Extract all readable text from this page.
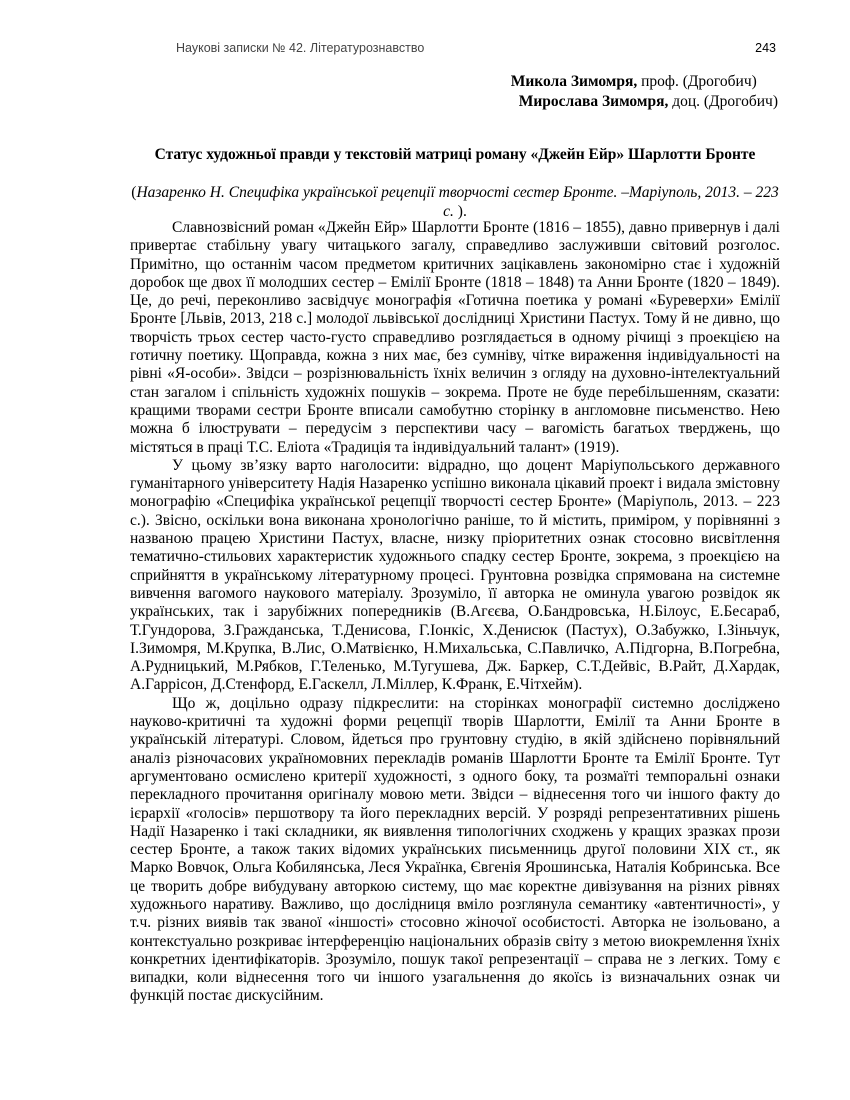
Наукові записки № 42. Літературознавство	243
Микола Зимомря, проф. (Дрогобич)
Мирослава Зимомря, доц. (Дрогобич)
Статус художньої правди у текстовій матриці роману «Джейн Ейр» Шарлотти Бронте
(Назаренко Н. Специфіка української рецепції творчості сестер Бронте. –Маріуполь, 2013. – 223 с. ).

Славнозвісний роман «Джейн Ейр» Шарлотти Бронте (1816 – 1855), давно привернув і далі привертає стабільну увагу читацького загалу, справедливо заслуживши світовий розголос. Примітно, що останнім часом предметом критичних зацікавлень закономірно стає і художній доробок ще двох її молодших сестер – Емілії Бронте (1818 – 1848) та Анни Бронте (1820 – 1849). Це, до речі, переконливо засвідчує монографія «Готична поетика у романі «Буреверхи» Емілії Бронте [Львів, 2013, 218 с.] молодої львівської дослідниці Христини Пастух. Тому й не дивно, що творчість трьох сестер часто-густо справедливо розглядається в одному річищі з проекцією на готичну поетику. Щоправда, кожна з них має, без сумніву, чітке вираження індивідуальності на рівні «Я-особи». Звідси – розрізнювальність їхніх величин з огляду на духовно-інтелектуальний стан загалом і спільність художніх пошуків – зокрема. Проте не буде перебільшенням, сказати: кращими творами сестри Бронте вписали самобутню сторінку в англомовне письменство. Нею можна б ілюструвати – передусім з перспективи часу – вагомість багатьох тверджень, що містяться в праці Т.С. Еліота «Традиція та індивідуальний талант» (1919).

У цьому зв’язку варто наголосити: відрадно, що доцент Маріупольського державного гуманітарного університету Надія Назаренко успішно виконала цікавий проект і видала змістовну монографію «Специфіка української рецепції творчості сестер Бронте» (Маріуполь, 2013. – 223 с.). Звісно, оскільки вона виконана хронологічно раніше, то й містить, приміром, у порівнянні з названою працею Христини Пастух, власне, низку пріоритетних ознак стосовно висвітлення тематично-стильових характеристик художнього спадку сестер Бронте, зокрема, з проекцією на сприйняття в українському літературному процесі. Грунтовна розвідка спрямована на системне вивчення вагомого наукового матеріалу. Зрозуміло, її авторка не оминула увагою розвідок як українських, так і зарубіжних попередників (В.Агєєва, О.Бандровська, Н.Білоус, Е.Бесараб, Т.Гундорова, З.Гражданська, Т.Денисова, Г.Іонкіс, Х.Денисюк (Пастух), О.Забужко, І.Зіньчук, І.Зимомря, М.Крупка, В.Лис, О.Матвієнко, Н.Михальська, С.Павличко, А.Підгорна, В.Погребна, А.Рудницький, М.Рябков, Г.Теленько, М.Тугушева, Дж. Баркер, С.Т.Дейвіс, В.Райт, Д.Хардак, А.Гаррісон, Д.Стенфорд, Е.Гаскелл, Л.Міллер, К.Франк, Е.Чітхейм).

Що ж, доцільно одразу підкреслити: на сторінках монографії системно досліджено науково-критичні та художні форми рецепції творів Шарлотти, Емілії та Анни Бронте в українській літературі. Словом, йдеться про грунтовну студію, в якій здійснено порівняльний аналіз різночасових україномовних перекладів романів Шарлотти Бронте та Емілії Бронте. Тут аргументовано осмислено критерії художності, з одного боку, та розмаїті темпоральні ознаки перекладного прочитання оригіналу мовою мети. Звідси – віднесення того чи іншого факту до ієрархії «голосів» першотвору та його перекладних версій. У розряді репрезентативних рішень Надії Назаренко і такі складники, як виявлення типологічних сходжень у кращих зразках прози сестер Бронте, а також таких відомих українських письменниць другої половини ХІХ ст., як Марко Вовчок, Ольга Кобилянська, Леся Українка, Євгенія Ярошинська, Наталія Кобринська. Все це творить добре вибудувану авторкою систему, що має коректне дивізування на різних рівнях художнього наративу. Важливо, що дослідниця вміло розглянула семантику «автентичності», у т.ч. різних виявів так званої «іншості» стосовно жіночої особистості. Авторка не ізольовано, а контекстуально розкриває інтерференцію національних образів світу з метою виокремлення їхніх конкретних ідентифікаторів. Зрозуміло, пошук такої репрезентації – справа не з легких. Тому є випадки, коли віднесення того чи іншого узагальнення до якоїсь із визначальних ознак чи функцій постає дискусійним.
